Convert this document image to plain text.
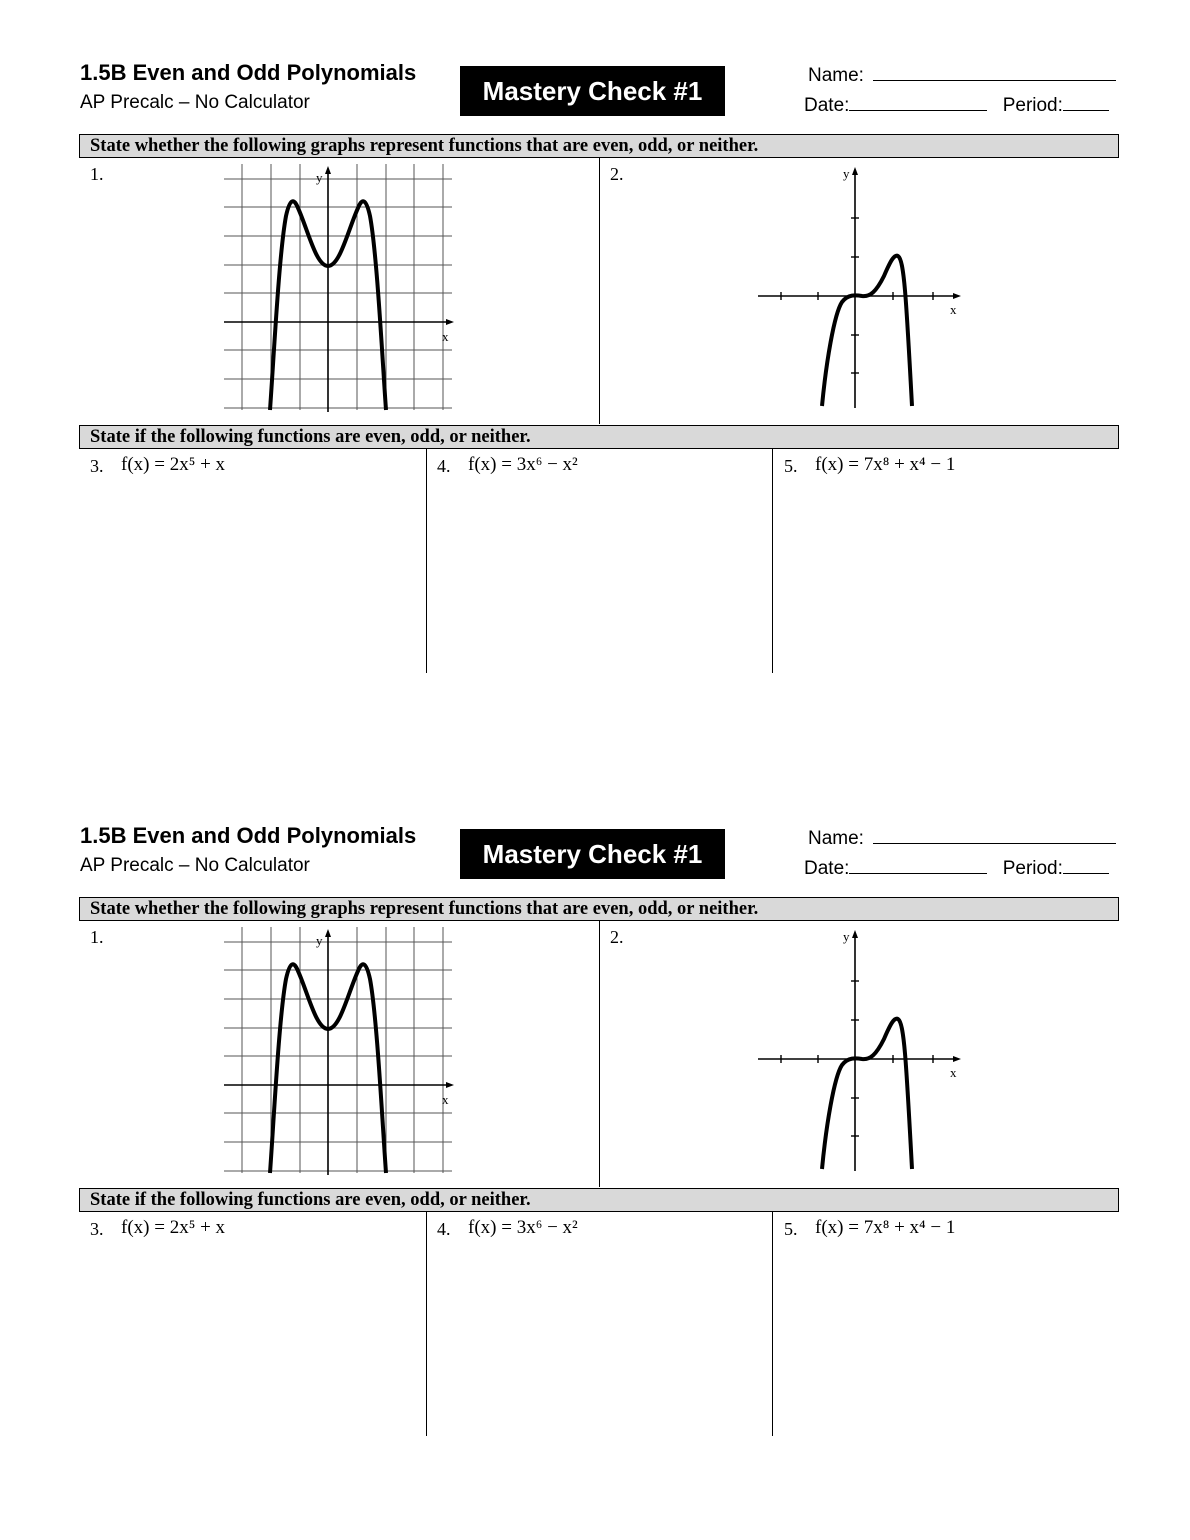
1.5B Even and Odd Polynomials
AP Precalc – No Calculator	Mastery Check #1	Name:
Date:	Period:
State whether the following graphs represent functions that are even, odd, or neither.
1.	2.
x
y
x
y
State if the following functions are even, odd, or neither.
3. f(x) = 2x⁵ + x	4. f(x) = 3x⁶ − x²	5. f(x) = 7x⁸ + x⁴ − 1
1.5B Even and Odd Polynomials
AP Precalc – No Calculator	Mastery Check #1	Name:
Date:	Period:
State whether the following graphs represent functions that are even, odd, or neither.
1.	2.
x
y
x
y
State if the following functions are even, odd, or neither.
3. f(x) = 2x⁵ + x	4. f(x) = 3x⁶ − x²	5. f(x) = 7x⁸ + x⁴ − 1
